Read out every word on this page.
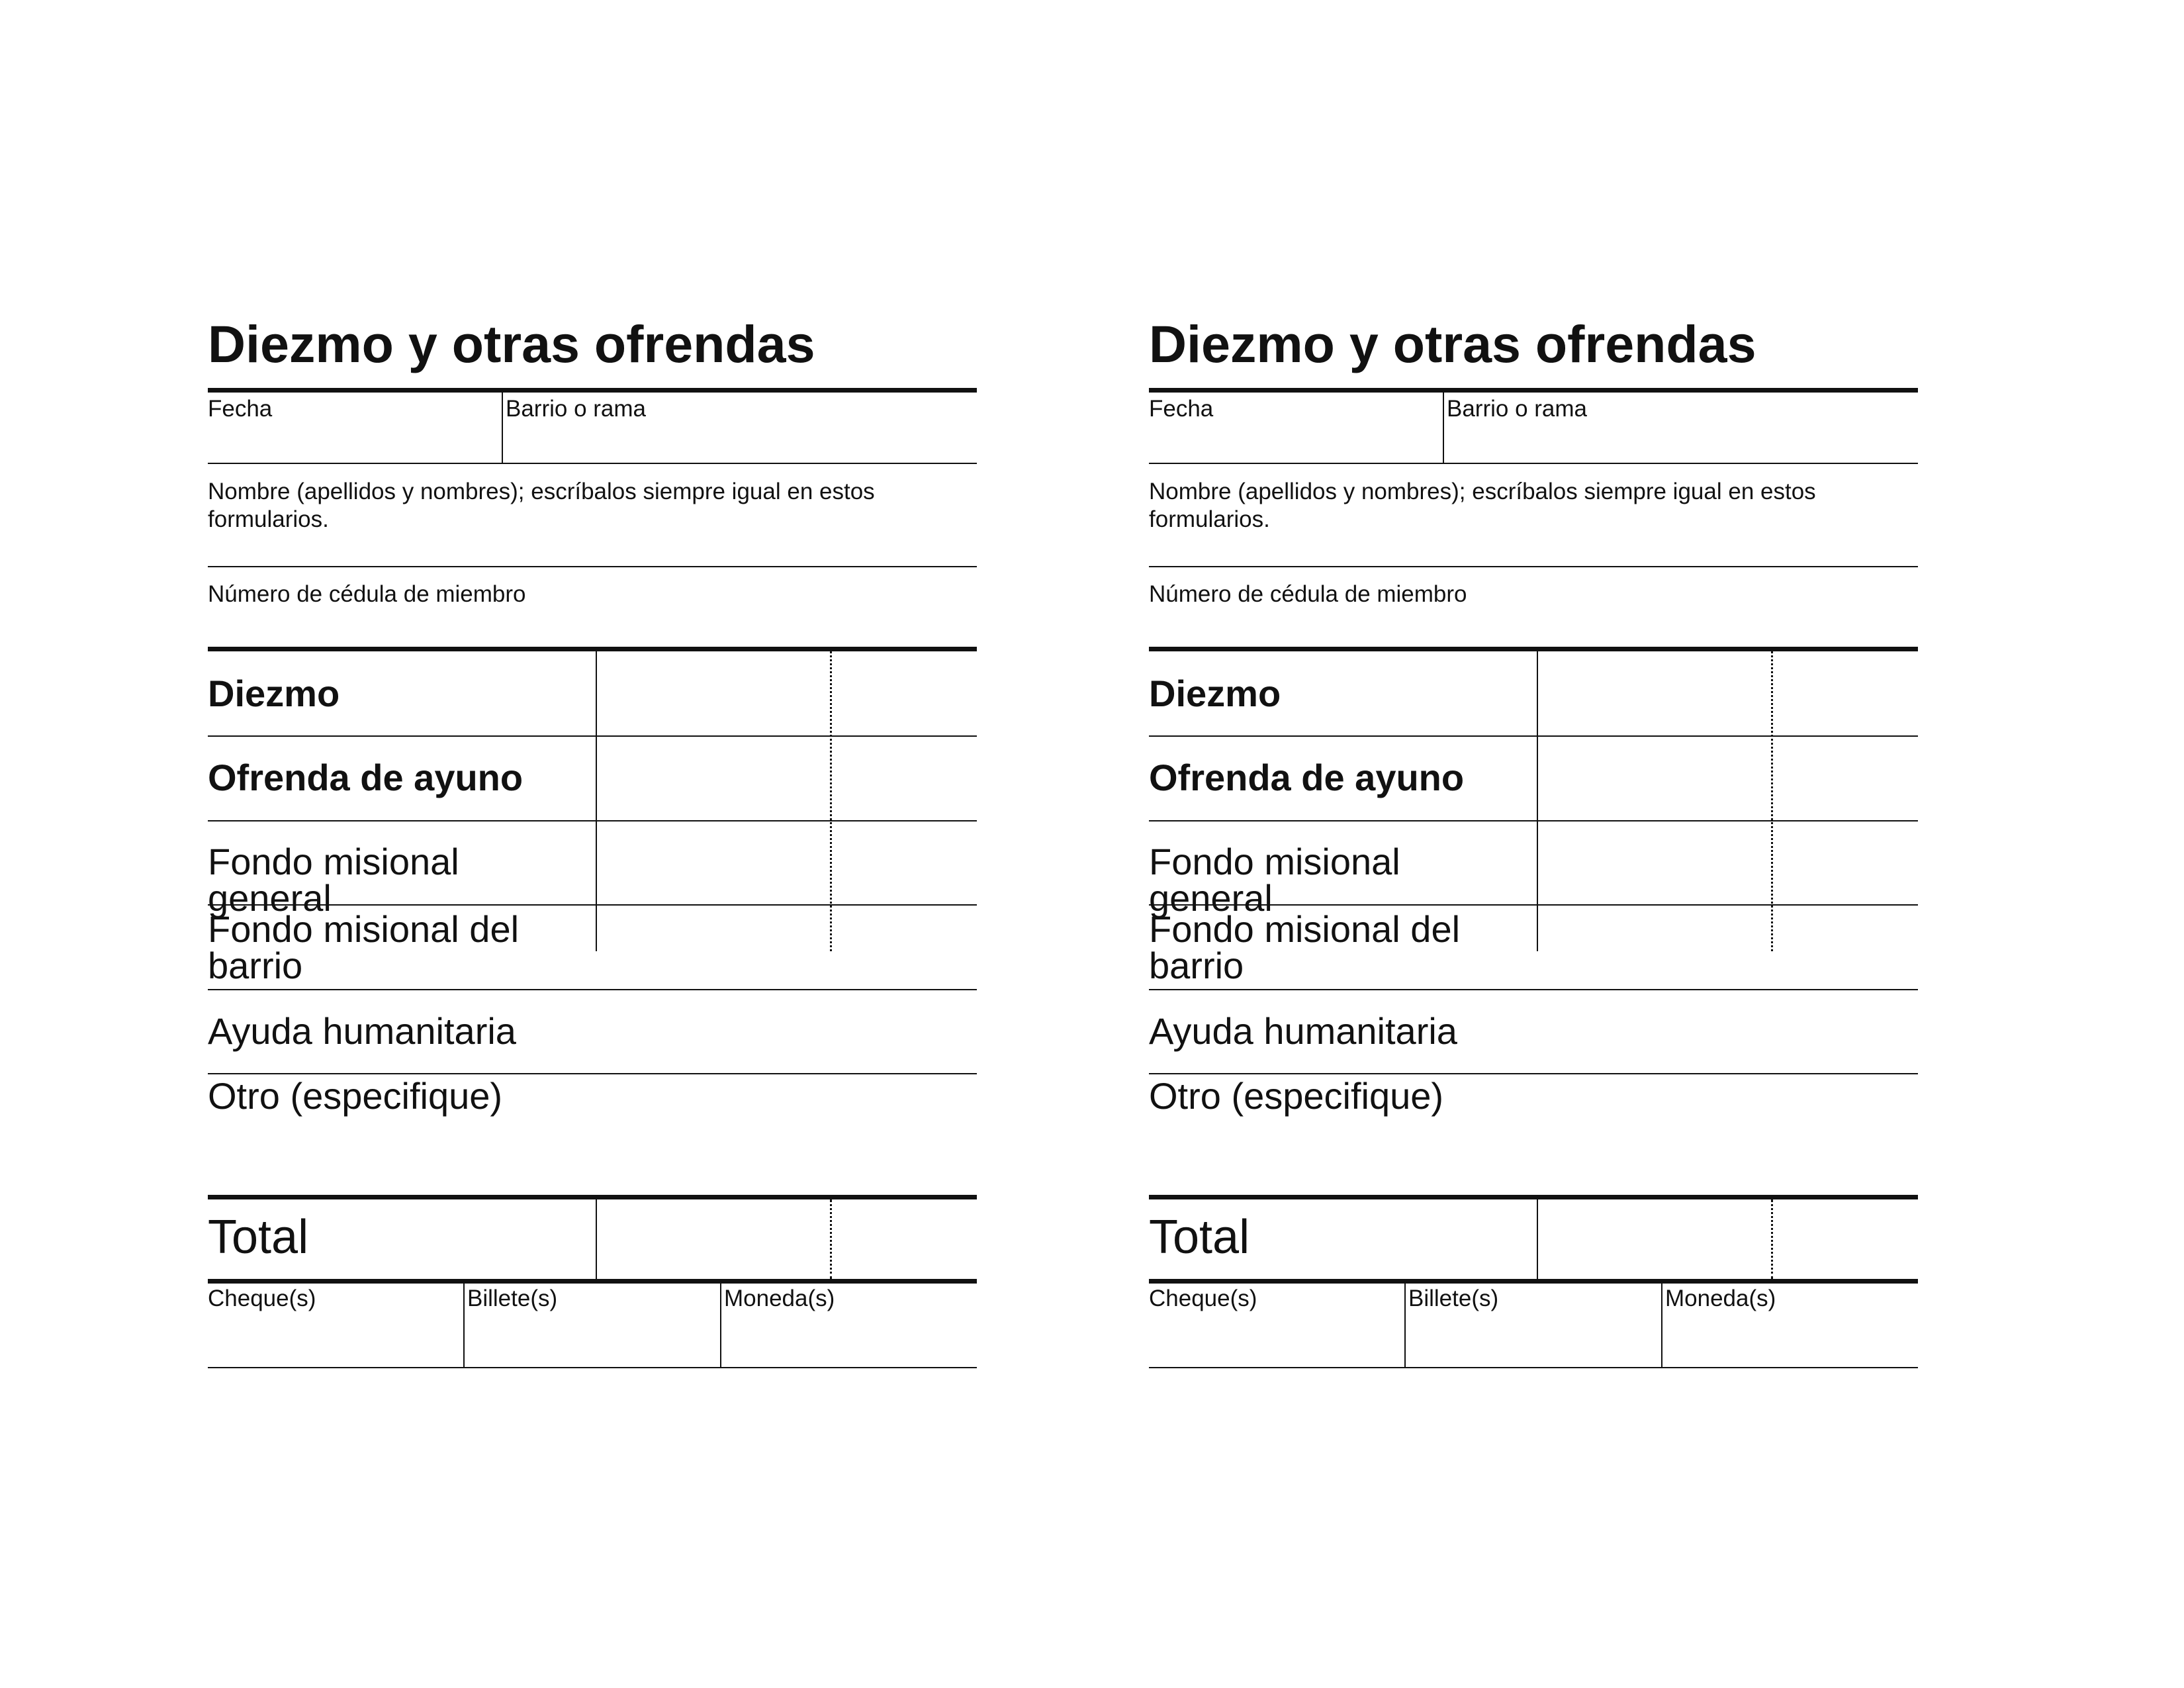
Diezmo y otras ofrendas
Fecha	Barrio o rama
Nombre (apellidos y nombres); escríbalos siempre igual en estos formularios.
Número de cédula de miembro
Diezmo
Ofrenda de ayuno
Fondo misional general
Fondo misional del barrio
Ayuda humanitaria
Otro (especifique)
Total
Cheque(s)	Billete(s)	Moneda(s)
Diezmo y otras ofrendas
Fecha	Barrio o rama
Nombre (apellidos y nombres); escríbalos siempre igual en estos formularios.
Número de cédula de miembro
Diezmo
Ofrenda de ayuno
Fondo misional general
Fondo misional del barrio
Ayuda humanitaria
Otro (especifique)
Total
Cheque(s)	Billete(s)	Moneda(s)
